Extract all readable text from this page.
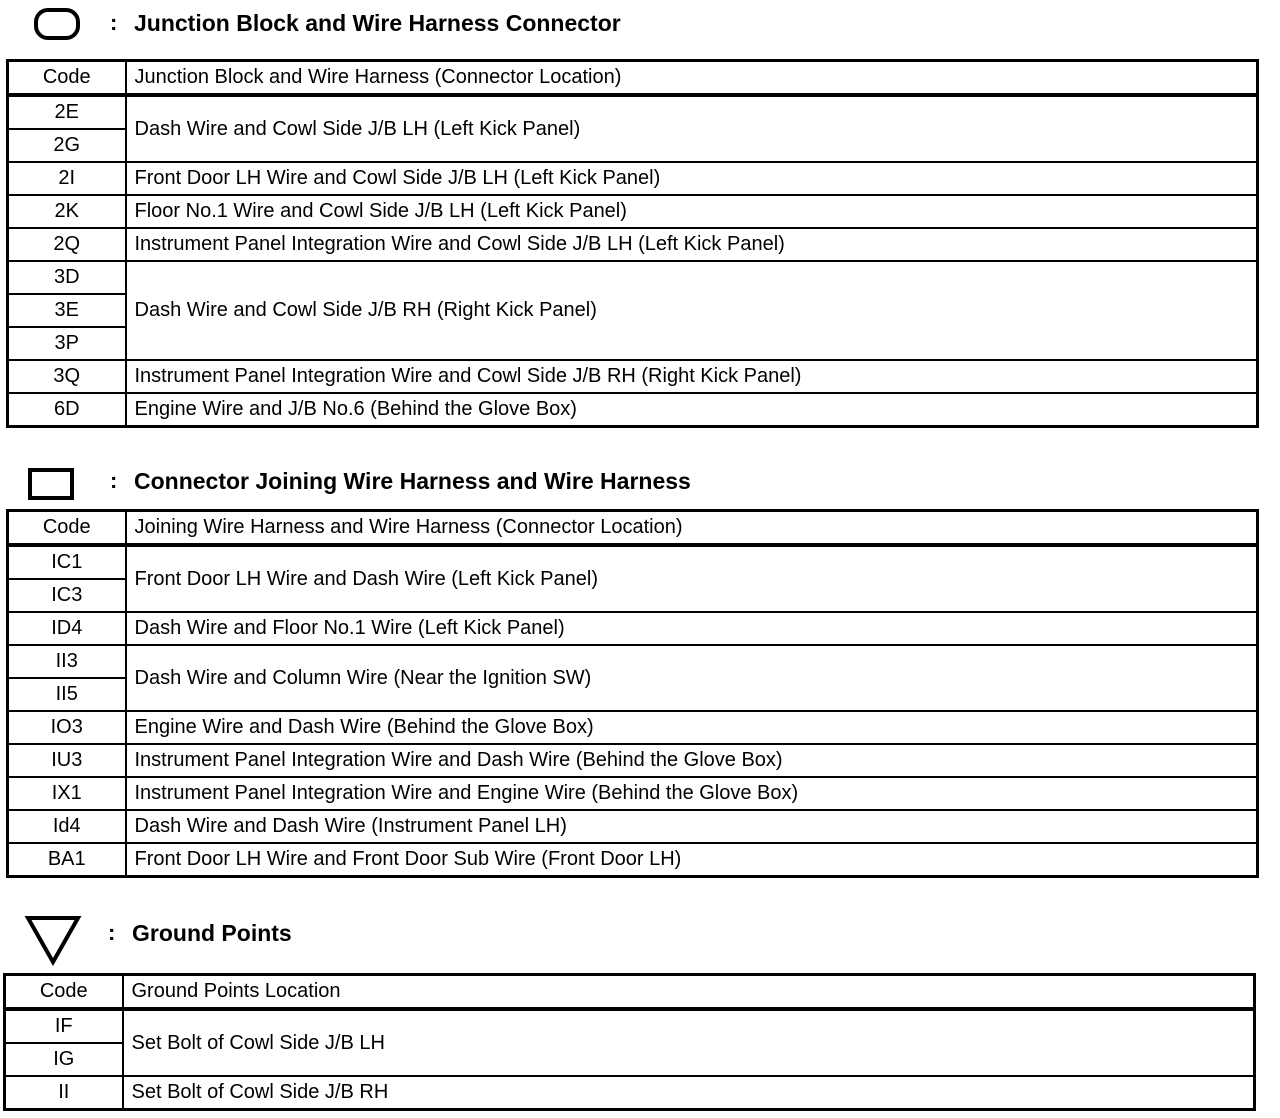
: Junction Block and Wire Harness Connector
Code	Junction Block and Wire Harness (Connector Location)
2E	Dash Wire and Cowl Side J/B LH (Left Kick Panel)
2G	
2I	Front Door LH Wire and Cowl Side J/B LH (Left Kick Panel)
2K	Floor No.1 Wire and Cowl Side J/B LH (Left Kick Panel)
2Q	Instrument Panel Integration Wire and Cowl Side J/B LH (Left Kick Panel)
3D	Dash Wire and Cowl Side J/B RH (Right Kick Panel)
3E	
3P	
3Q	Instrument Panel Integration Wire and Cowl Side J/B RH (Right Kick Panel)
6D	Engine Wire and J/B No.6 (Behind the Glove Box)
: Connector Joining Wire Harness and Wire Harness
Code	Joining Wire Harness and Wire Harness (Connector Location)
IC1	Front Door LH Wire and Dash Wire (Left Kick Panel)
IC3	
ID4	Dash Wire and Floor No.1 Wire (Left Kick Panel)
II3	Dash Wire and Column Wire (Near the Ignition SW)
II5	
IO3	Engine Wire and Dash Wire (Behind the Glove Box)
IU3	Instrument Panel Integration Wire and Dash Wire (Behind the Glove Box)
IX1	Instrument Panel Integration Wire and Engine Wire (Behind the Glove Box)
Id4	Dash Wire and Dash Wire (Instrument Panel LH)
BA1	Front Door LH Wire and Front Door Sub Wire (Front Door LH)
: Ground Points
Code	Ground Points Location
IF	Set Bolt of Cowl Side J/B LH
IG	
II	Set Bolt of Cowl Side J/B RH
